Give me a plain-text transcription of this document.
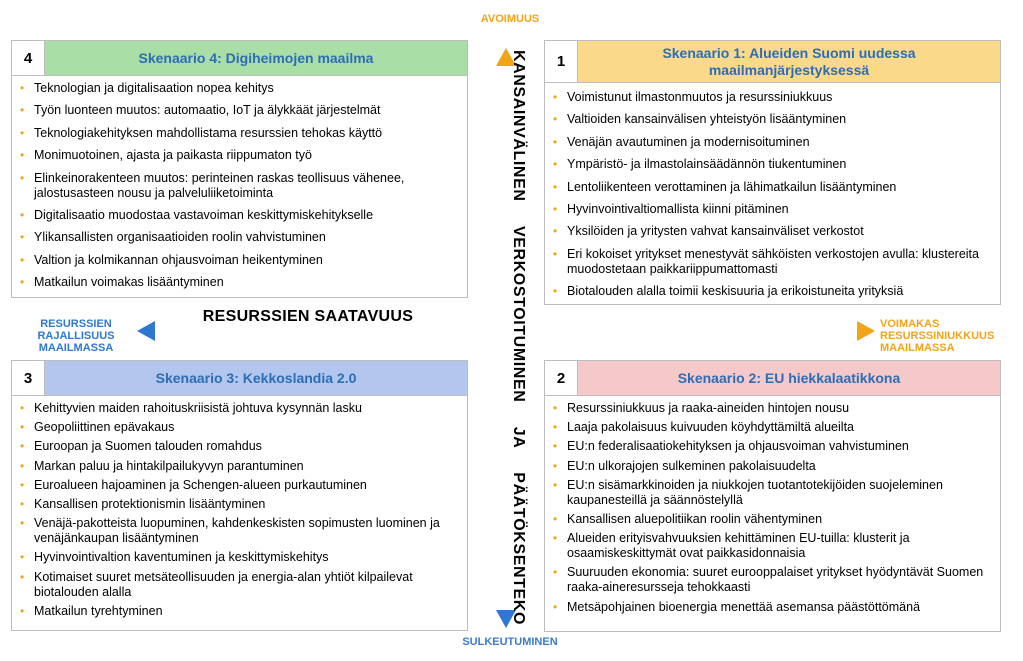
AVOIMUUS
SULKEUTUMINEN
RESURSSIEN RAJALLISUUS MAAILMASSA
VOIMAKAS RESURSSINIUKKUUS MAAILMASSA
RESURSSIEN SAATAVUUS	KANSAINVÄLINEN VERKOSTOITUMINEN JA PÄÄTÖKSENTEKO
4	Skenaario 4: Digiheimojen maailma
• Teknologian ja digitalisaation nopea kehitys
• Työn luonteen muutos: automaatio, IoT ja älykkäät järjestelmät
• Teknologiakehityksen mahdollistama resurssien tehokas käyttö
• Monimuotoinen, ajasta ja paikasta riippumaton työ
• Elinkeinorakenteen muutos: perinteinen raskas teollisuus vähenee, jalostusasteen nousu ja palveluliiketoiminta
• Digitalisaatio muodostaa vastavoiman keskittymiskehitykselle
• Ylikansallisten organisaatioiden roolin vahvistuminen
• Valtion ja kolmikannan ohjausvoiman heikentyminen
• Matkailun voimakas lisääntyminen
1
Skenaario 1: Alueiden Suomi uudessa maailmanjärjestyksessä
• Voimistunut ilmastonmuutos ja resurssiniukkuus
• Valtioiden kansainvälisen yhteistyön lisääntyminen
• Venäjän avautuminen ja modernisoituminen
• Ympäristö- ja ilmastolainsäädännön tiukentuminen
• Lentoliikenteen verottaminen ja lähimatkailun lisääntyminen
• Hyvinvointivaltiomallista kiinni pitäminen
• Yksilöiden ja yritysten vahvat kansainväliset verkostot
• Eri kokoiset yritykset menestyvät sähköisten verkostojen avulla: klustereita muodostetaan paikkariippumattomasti
• Biotalouden alalla toimii keskisuuria ja erikoistuneita yrityksiä
3	Skenaario 3: Kekkoslandia 2.0
• Kehittyvien maiden rahoituskriisistä johtuva kysynnän lasku
• Geopoliittinen epävakaus
• Euroopan ja Suomen talouden romahdus
• Markan paluu ja hintakilpailukyvyn parantuminen
• Euroalueen hajoaminen ja Schengen-alueen purkautuminen
• Kansallisen protektionismin lisääntyminen
• Venäjä-pakotteista luopuminen, kahdenkeskisten sopimusten luominen ja venäjänkaupan lisääntyminen
• Hyvinvointivaltion kaventuminen ja keskittymiskehitys
• Kotimaiset suuret metsäteollisuuden ja energia-alan yhtiöt kilpailevat biotalouden alalla
• Matkailun tyrehtyminen
2	Skenaario 2: EU hiekkalaatikkona
• Resurssiniukkuus ja raaka-aineiden hintojen nousu
• Laaja pakolaisuus kuivuuden köyhdyttämiltä alueilta
• EU:n federalisaatiokehityksen ja ohjausvoiman vahvistuminen
• EU:n ulkorajojen sulkeminen pakolaisuudelta
• EU:n sisämarkkinoiden ja niukkojen tuotantotekijöiden suojeleminen kaupanesteillä ja säännöstelyllä
• Kansallisen aluepolitiikan roolin vähentyminen
• Alueiden erityisvahvuuksien kehittäminen EU-tuilla: klusterit ja osaamiskeskittymät ovat paikkasidonnaisia
• Suuruuden ekonomia: suuret eurooppalaiset yritykset hyödyntävät Suomen raaka-aineresursseja tehokkaasti
• Metsäpohjainen bioenergia menettää asemansa päästöttömänä
